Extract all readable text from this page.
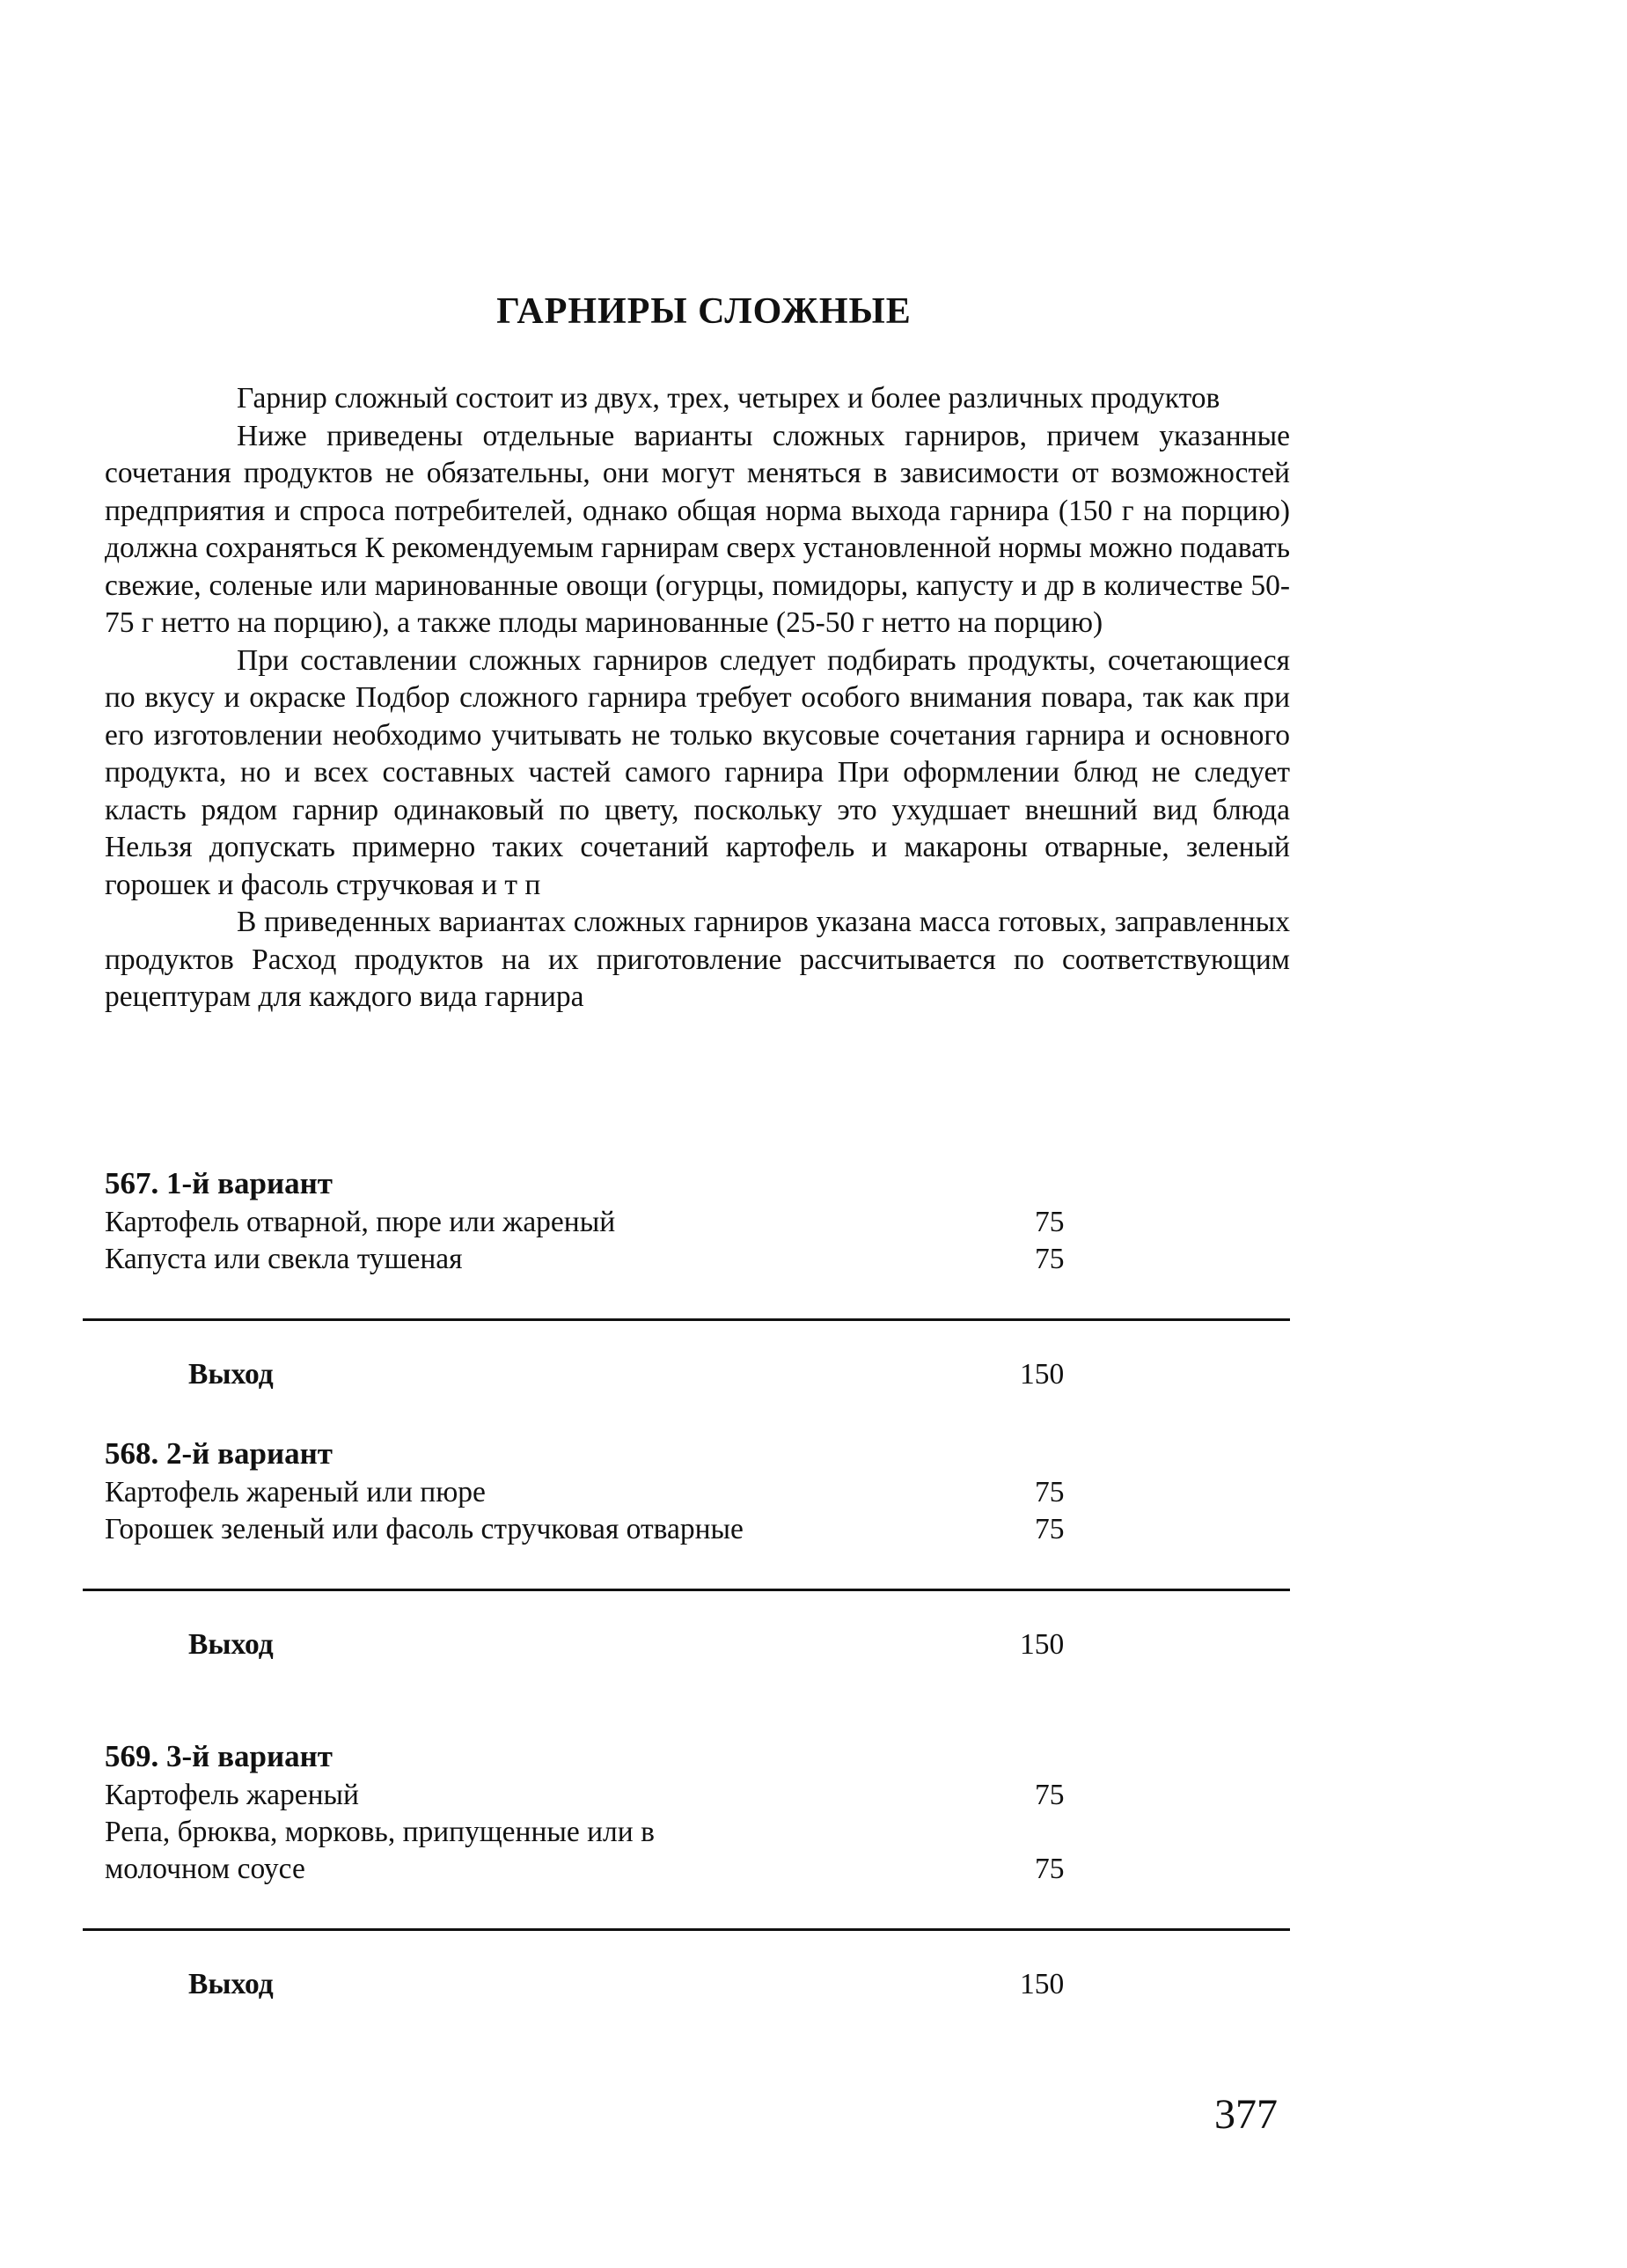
ГАРНИРЫ СЛОЖНЫЕ

Гарнир сложный состоит из двух, трех, четырех и более различных продуктов

Ниже приведены отдельные варианты сложных гарниров, причем указанные сочетания продуктов не обязательны, они могут меняться в зависимости от возможностей предприятия и спроса потребителей, однако общая норма выхода гарнира (150 г на порцию) должна сохраняться К рекомендуемым гарнирам сверх установленной нормы можно подавать свежие, соленые или маринованные овощи (огурцы, помидоры, капусту и др в количестве 50-75 г нетто на порцию), а также плоды маринованные (25-50 г нетто на порцию)

При составлении сложных гарниров следует подбирать продукты, сочетающиеся по вкусу и окраске Подбор сложного гарнира требует особого внимания повара, так как при его изготовлении необходимо учитывать не только вкусовые сочетания гарнира и основного продукта, но и всех составных частей самого гарнира При оформлении блюд не следует класть рядом гарнир одинаковый по цвету, поскольку это ухудшает внешний вид блюда Нельзя допускать примерно таких сочетаний картофель и макароны отварные, зеленый горошек и фасоль стручковая и т п

В приведенных вариантах сложных гарниров указана масса готовых, заправленных продуктов Расход продуктов на их приготовление рассчитывается по соответствующим рецептурам для каждого вида гарнира

567. 1-й вариант
Картофель отварной, пюре или жареный	75
Капуста или свекла тушеная	75
Выход	150
568. 2-й вариант
Картофель жареный или пюре	75
Горошек зеленый или фасоль стручковая отварные	75
Выход	150
569. 3-й вариант
Картофель жареный	75
Репа, брюква, морковь, припущенные или в молочном соусе	75
Выход	150
377
